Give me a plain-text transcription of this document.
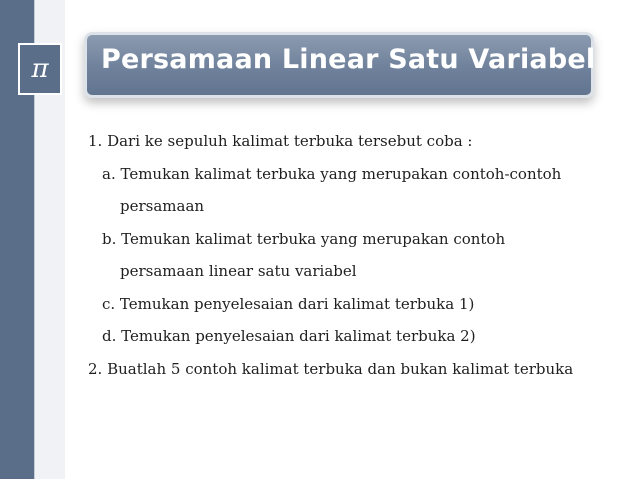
π Persamaan Linear Satu Variabel

1. Dari ke sepuluh kalimat terbuka tersebut coba :

a. Temukan kalimat terbuka yang merupakan contoh-contoh

persamaan

b. Temukan kalimat terbuka yang merupakan contoh

persamaan linear satu variabel

c. Temukan penyelesaian dari kalimat terbuka 1)

d. Temukan penyelesaian dari kalimat terbuka 2)

2. Buatlah 5 contoh kalimat terbuka dan bukan kalimat terbuka
